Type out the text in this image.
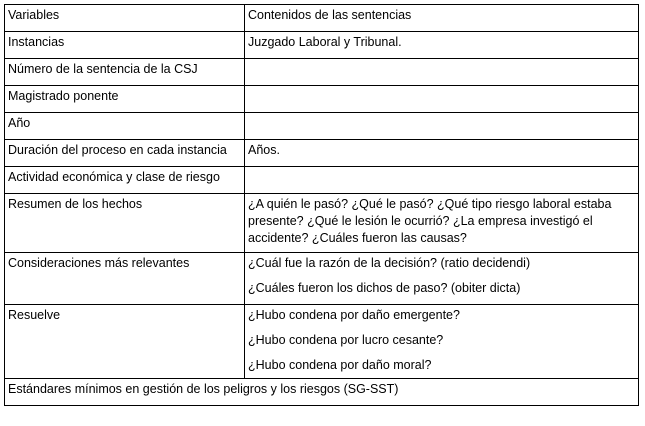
Variables	Contenidos de las sentencias

Instancias	Juzgado Laboral y Tribunal.

Número de la sentencia de la CSJ	
Magistrado ponente	
Año	
Duración del proceso en cada instancia	Años.

Actividad económica y clase de riesgo	
Resumen de los hechos	¿A quién le pasó? ¿Qué le pasó? ¿Qué tipo riesgo laboral estaba presente? ¿Qué le lesión le ocurrió? ¿La empresa investigó el accidente? ¿Cuáles fueron las causas?

Consideraciones más relevantes	¿Cuál fue la razón de la decisión? (ratio decidendi)
¿Cuáles fueron los dichos de paso? (obiter dicta)

Resuelve	¿Hubo condena por daño emergente?
¿Hubo condena por lucro cesante?
¿Hubo condena por daño moral?

Estándares mínimos en gestión de los peligros y los riesgos (SG-SST)	
